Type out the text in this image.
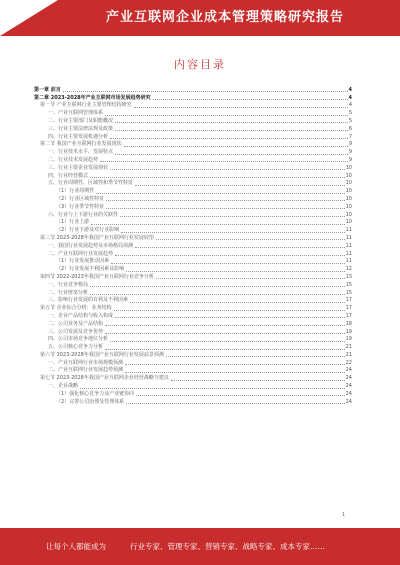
产业互联网企业成本管理策略研究报告
内容目录
第一章 前言	4
第二章 2023-2028年产业互联网市场发展趋势研究	4
第一节 产业互联网行业主要管理结构研究	4
一、产业互联网管理体系	5
二、行业主要部门及职能概况	5
三、行业主要法律法规及政策	6
四、行业主要发展机遇分析	7
第二节 我国产业互联网行业发展现状	9
一、行业技术水平、发展特点	9
二、行业技术发展趋势	9
三、行业主要企业发展现状	10
四、行业经营模式	10
五、行业周期性、区域性和季节性特征	10
（1）行业周期性	10
（2）行业区域性特征	10
（3）行业季节性特征	10
六、行业与上下游行业的关联性	10
（1）行业上游	10
（2）行业下游及对行业影响	11
第三节 2023-2028年我国产业互联网行业发展展望	11
一、我国行业发展趋势及市场格局预测	11
二、产业互联网行业发展趋势	11
（1）行业发展推动因素	11
（2）行业发展不利因素及影响	12
第四节 2022-2023年我国产业互联网行业竞争分析	13
一、行业竞争格局	15
二、行业壁垒分析	15
三、影响行业发展的有利及不利因素	17
第五节 企业综合分析：业务结构	17
一、企业产品结构与收入构成	17
二、公司业务及产品结构	18
三、公司发展及竞争优势	19
四、公司市场竞争地位分析	19
五、公司核心竞争力分析	21
第六节 2023-2028年我国产业互联网行业发展前景预测	21
一、产业互联网行业市场规模预测	22
二、产业互联网行业发展趋势预测	24
第七节 2023-2028年我国产业互联网企业经营战略与建议	24
一、企业战略	24
（1）强化核心竞争力及产业链协同	24
（2）完善公司治理及管理体系	24
1
让每个人都能成为	行业专家、管理专家、营销专家、战略专家、成本专家……
